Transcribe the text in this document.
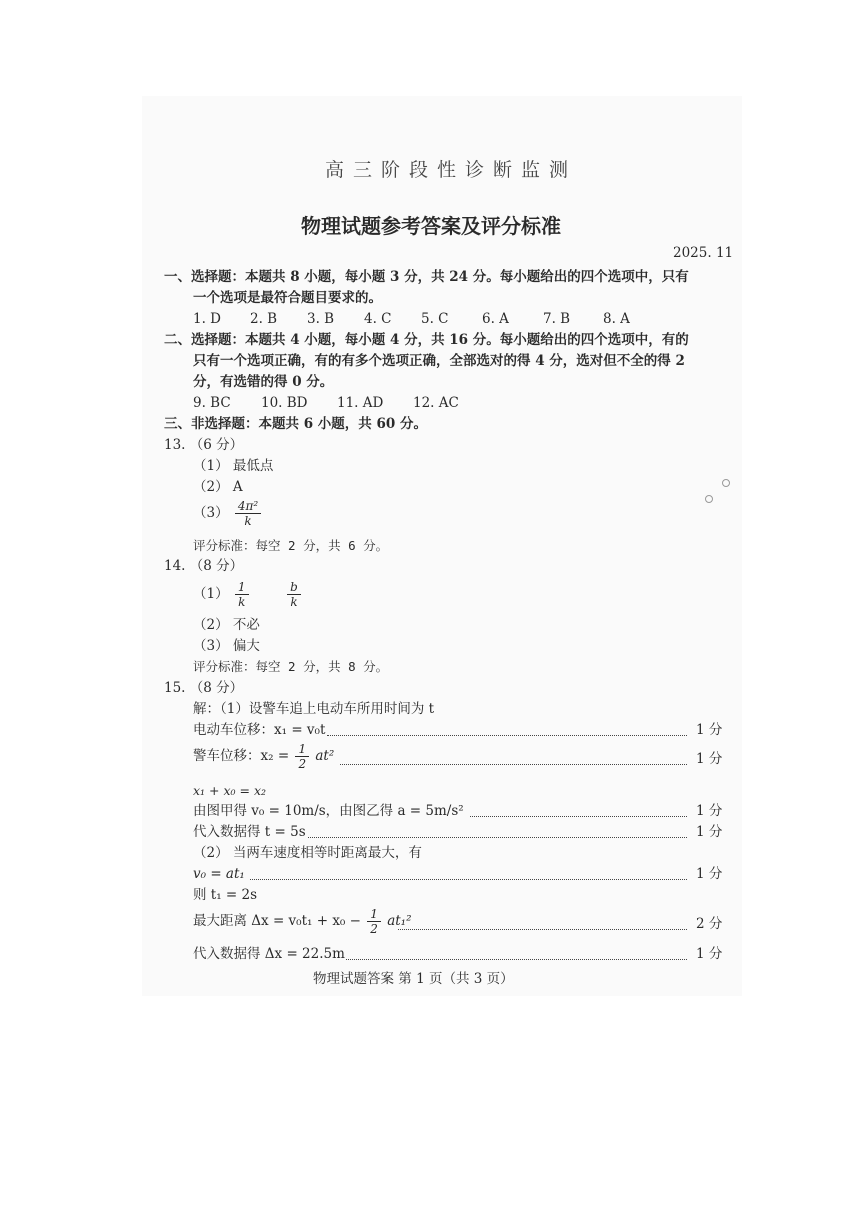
高三阶段性诊断监测
物理试题参考答案及评分标准
2025. 11
一、选择题：本题共 8 小题，每小题 3 分，共 24 分。每小题给出的四个选项中，只有
一个选项是最符合题目要求的。
1. D 2. B 3. B 4. C 5. C 6. A	7. B 8. A
二、选择题：本题共 4 小题，每小题 4 分，共 16 分。每小题给出的四个选项中，有的
只有一个选项正确，有的有多个选项正确，全部选对的得 4 分，选对但不全的得 2
分，有选错的得 0 分。
9. BC 10. BD 11. AD 12. AC
三、非选择题：本题共 6 小题，共 60 分。
13. （6 分）
（1） 最低点
（2） A
$(3) \frac{\text{4π²}}{k}$
评分标准：每空 2 分，共 6 分。
14. （8 分）
$(1) \frac{1}{k}$
	$\frac{b}{k}$
（2） 不必
（3） 偏大
评分标准：每空 2 分，共 8 分。
15. （8 分）
解：（1）设警车追上电动车所用时间为 t
电动车位移：x₁ = v₀t	1 分
警车位移：$x_2 = \frac{1}{2} at^2$	1 分
x₁ + x₀ = x₂
由图甲得 v₀ = 10m/s，由图乙得 a = 5m/s²	1 分
代入数据得 t = 5s	1 分
（2） 当两车速度相等时距离最大，有
v₀ = at₁	1 分
则 t₁ = 2s
最大距离 $\Delta x = v_0t_1 + x_0 - \frac{1}{2} at_1^2$	2 分
代入数据得 Δx = 22.5m	1 分
物理试题答案 第 1 页（共 3 页）
